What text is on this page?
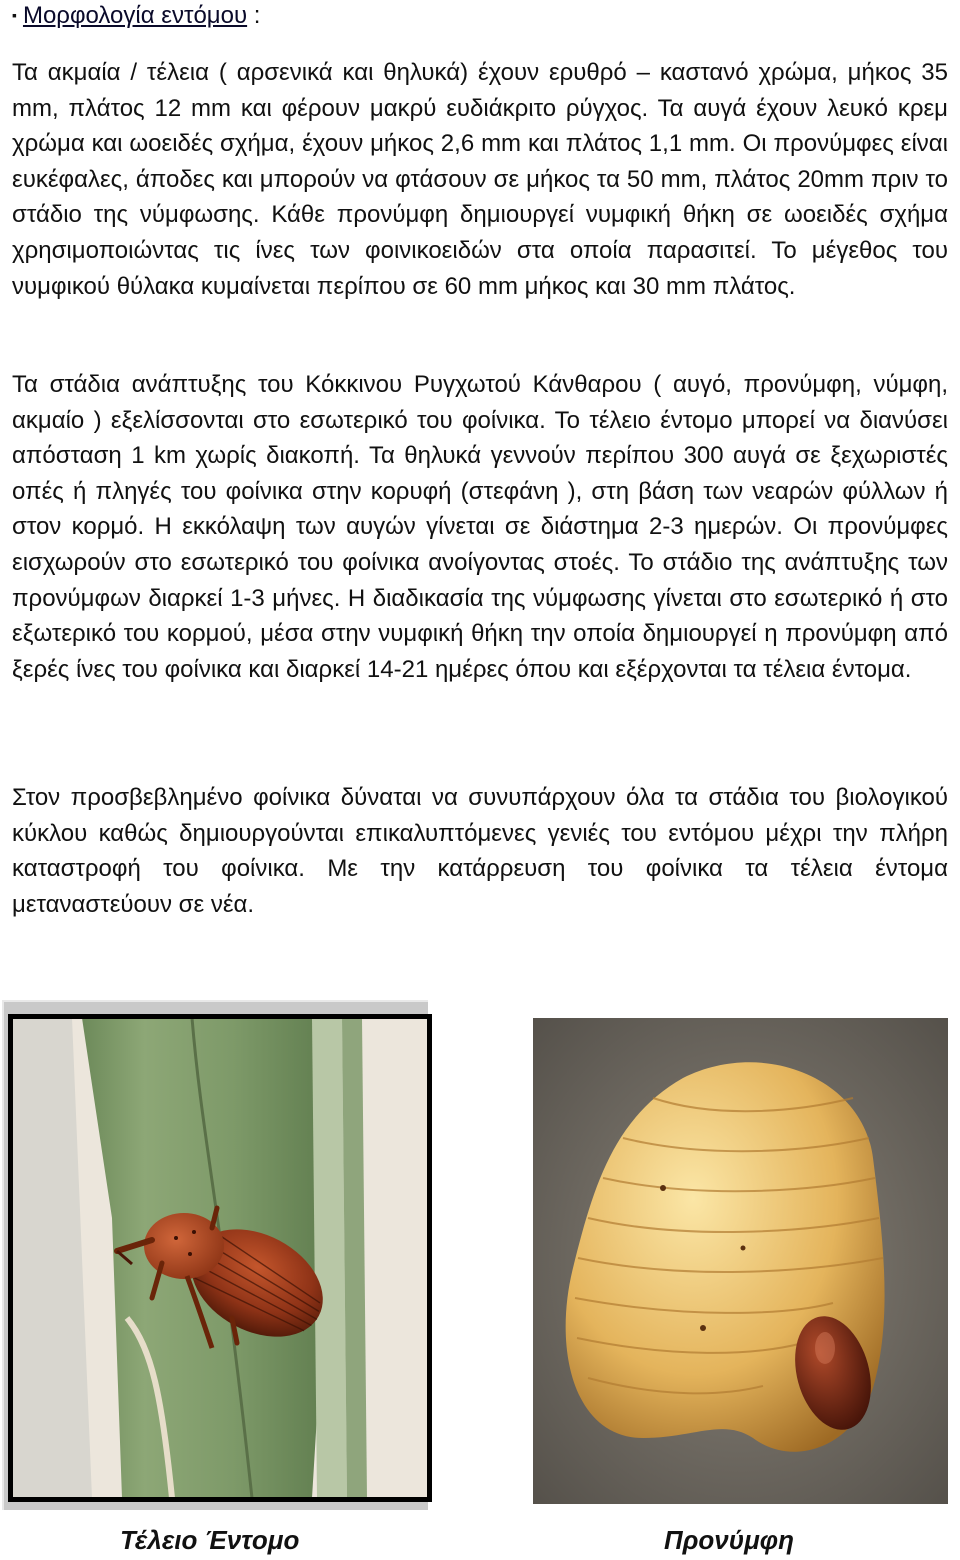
▪ Μορφολογία εντόμου :

Τα ακμαία / τέλεια ( αρσενικά και θηλυκά) έχουν ερυθρό – καστανό χρώμα, μήκος 35 mm, πλάτος 12 mm και φέρουν μακρύ ευδιάκριτο ρύγχος. Τα αυγά έχουν λευκό κρεμ χρώμα και ωοειδές σχήμα, έχουν μήκος 2,6 mm και πλάτος 1,1 mm. Οι προνύμφες είναι ευκέφαλες, άποδες και μπορούν να φτάσουν σε μήκος τα 50 mm, πλάτος 20mm πριν το στάδιο της νύμφωσης. Κάθε προνύμφη δημιουργεί νυμφική θήκη σε ωοειδές σχήμα χρησιμοποιώντας τις ίνες των φοινικοειδών στα οποία παρασιτεί. Το μέγεθος του νυμφικού θύλακα κυμαίνεται περίπου σε 60 mm μήκος και 30 mm πλάτος.

Τα στάδια ανάπτυξης του Κόκκινου Ρυγχωτού Κάνθαρου ( αυγό, προνύμφη, νύμφη, ακμαίο ) εξελίσσονται στο εσωτερικό του φοίνικα. Το τέλειο έντομο μπορεί να διανύσει απόσταση 1 km χωρίς διακοπή. Τα θηλυκά γεννούν περίπου 300 αυγά σε ξεχωριστές οπές ή πληγές του φοίνικα στην κορυφή (στεφάνη ), στη βάση των νεαρών φύλλων ή στον κορμό. Η εκκόλαψη των αυγών γίνεται σε διάστημα 2-3 ημερών. Οι προνύμφες εισχωρούν στο εσωτερικό του φοίνικα ανοίγοντας στοές. Το στάδιο της ανάπτυξης των προνύμφων διαρκεί 1-3 μήνες. Η διαδικασία της νύμφωσης γίνεται στο εσωτερικό ή στο εξωτερικό του κορμού, μέσα στην νυμφική θήκη την οποία δημιουργεί η προνύμφη από ξερές ίνες του φοίνικα και διαρκεί 14-21 ημέρες όπου και εξέρχονται τα τέλεια έντομα.

Στον προσβεβλημένο φοίνικα δύναται να συνυπάρχουν όλα τα στάδια του βιολογικού κύκλου καθώς δημιουργούνται επικαλυπτόμενες γενιές του εντόμου μέχρι την πλήρη καταστροφή του φοίνικα. Με την κατάρρευση του φοίνικα τα τέλεια έντομα μεταναστεύουν σε νέα.

Τέλειο Έντομο	Προνύμφη
